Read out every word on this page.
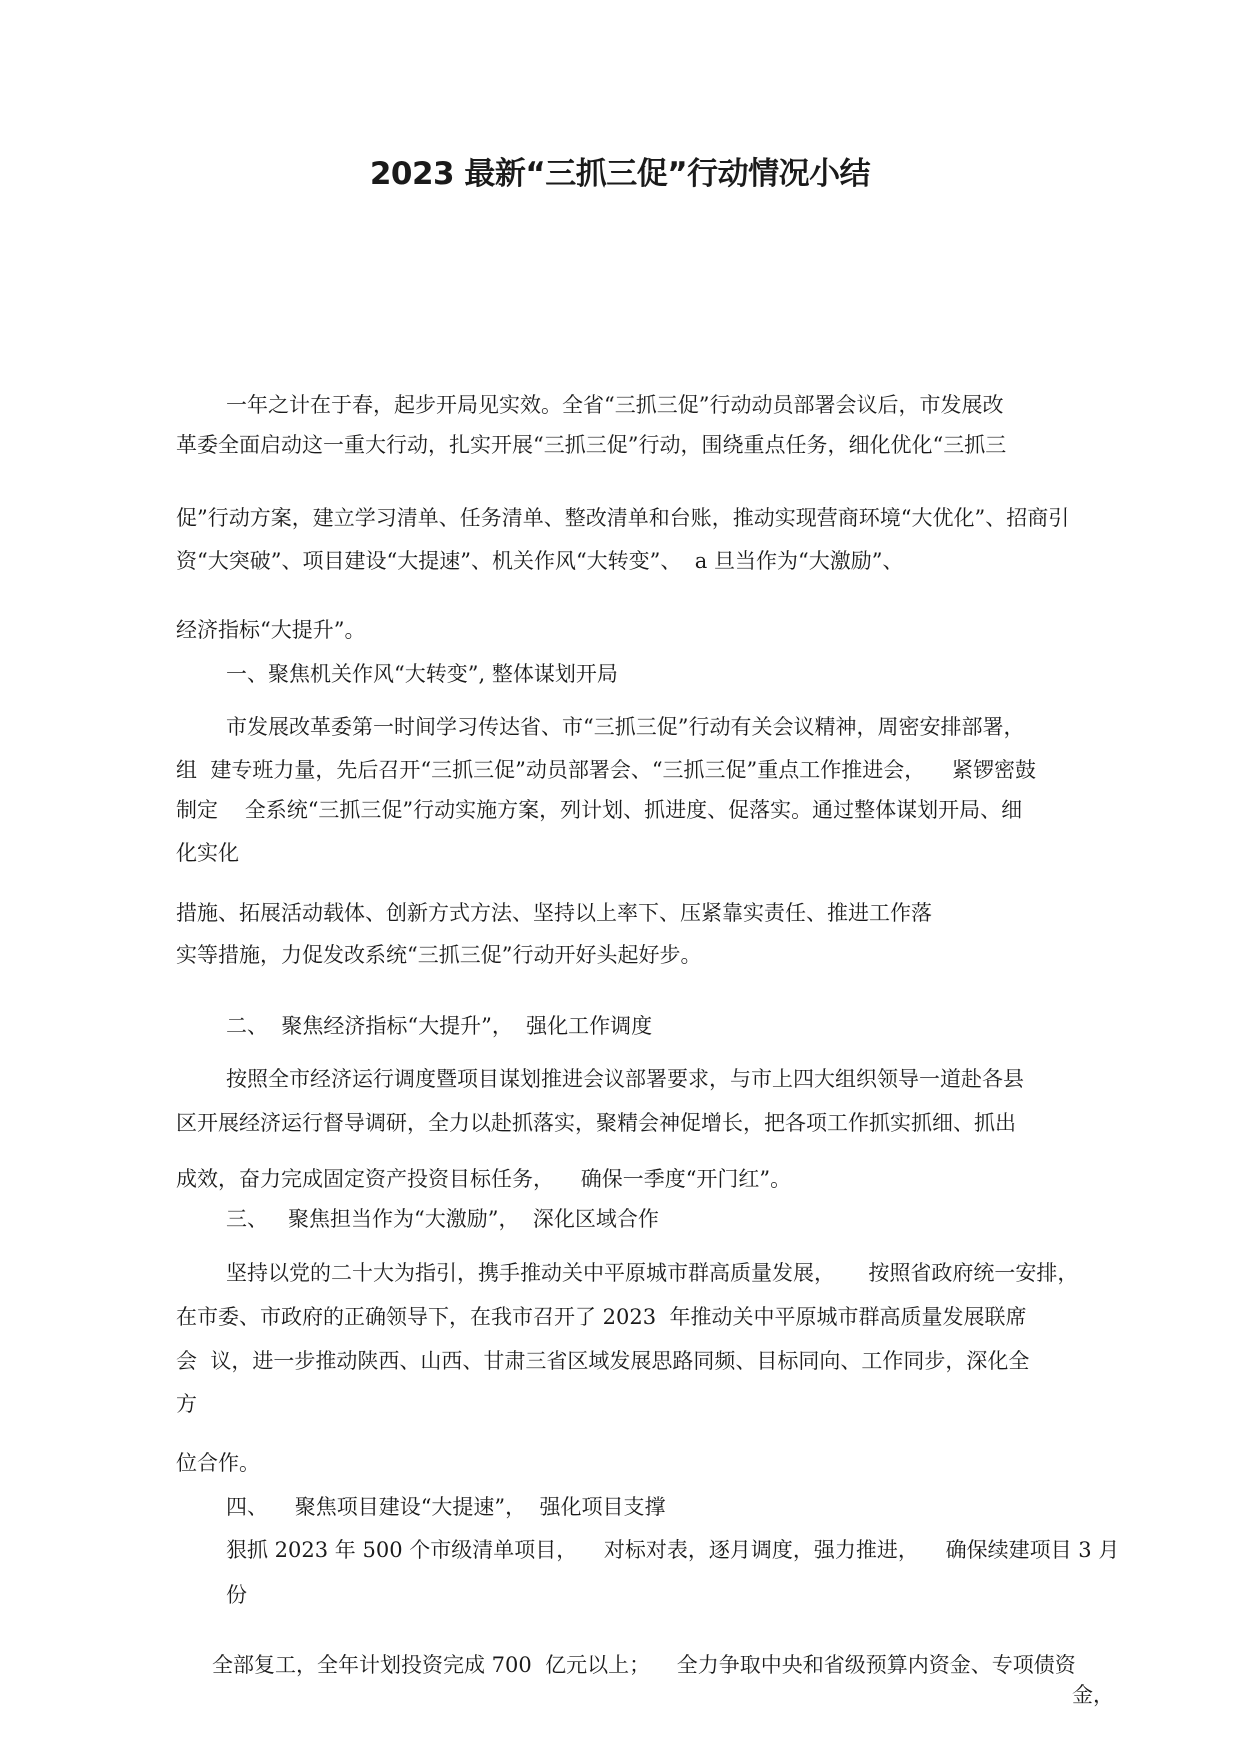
2023 最新“三抓三促”行动情况小结
一年之计在于春，起步开局见实效。全省“三抓三促”行动动员部署会议后，市发展改
革委全面启动这一重大行动，扎实开展“三抓三促”行动，围绕重点任务，细化优化“三抓三
促”行动方案，建立学习清单、任务清单、整改清单和台账，推动实现营商环境“大优化”、招商引
资“大突破”、项目建设“大提速”、机关作风“大转变”、  a 旦当作为“大激励”、
经济指标“大提升”。
一、聚焦机关作风“大转变”, 整体谋划开局
市发展改革委第一时间学习传达省、市“三抓三促”行动有关会议精神，周密安排部署，
组  建专班力量，先后召开“三抓三促”动员部署会、“三抓三促”重点工作推进会，    紧锣密鼓
制定    全系统“三抓三促”行动实施方案，列计划、抓进度、促落实。通过整体谋划开局、细
化实化
措施、拓展活动载体、创新方式方法、坚持以上率下、压紧靠实责任、推进工作落
实等措施，力促发改系统“三抓三促”行动开好头起好步。
二、  聚焦经济指标“大提升”，  强化工作调度
按照全市经济运行调度暨项目谋划推进会议部署要求，与市上四大组织领导一道赴各县
区开展经济运行督导调研，全力以赴抓落实，聚精会神促增长，把各项工作抓实抓细、抓出
成效，奋力完成固定资产投资目标任务，    确保一季度“开门红”。
三、   聚焦担当作为“大激励”，  深化区域合作
坚持以党的二十大为指引，携手推动关中平原城市群高质量发展，     按照省政府统一安排，
在市委、市政府的正确领导下，在我市召开了 2023  年推动关中平原城市群高质量发展联席
会  议，进一步推动陕西、山西、甘肃三省区域发展思路同频、目标同向、工作同步，深化全
方
位合作。
四、    聚焦项目建设“大提速”，  强化项目支撑
狠抓 2023 年 500 个市级清单项目，    对标对表，逐月调度，强力推进，    确保续建项目 3 月
份
全部复工，全年计划投资完成 700  亿元以上；    全力争取中央和省级预算内资金、专项债资
金，
